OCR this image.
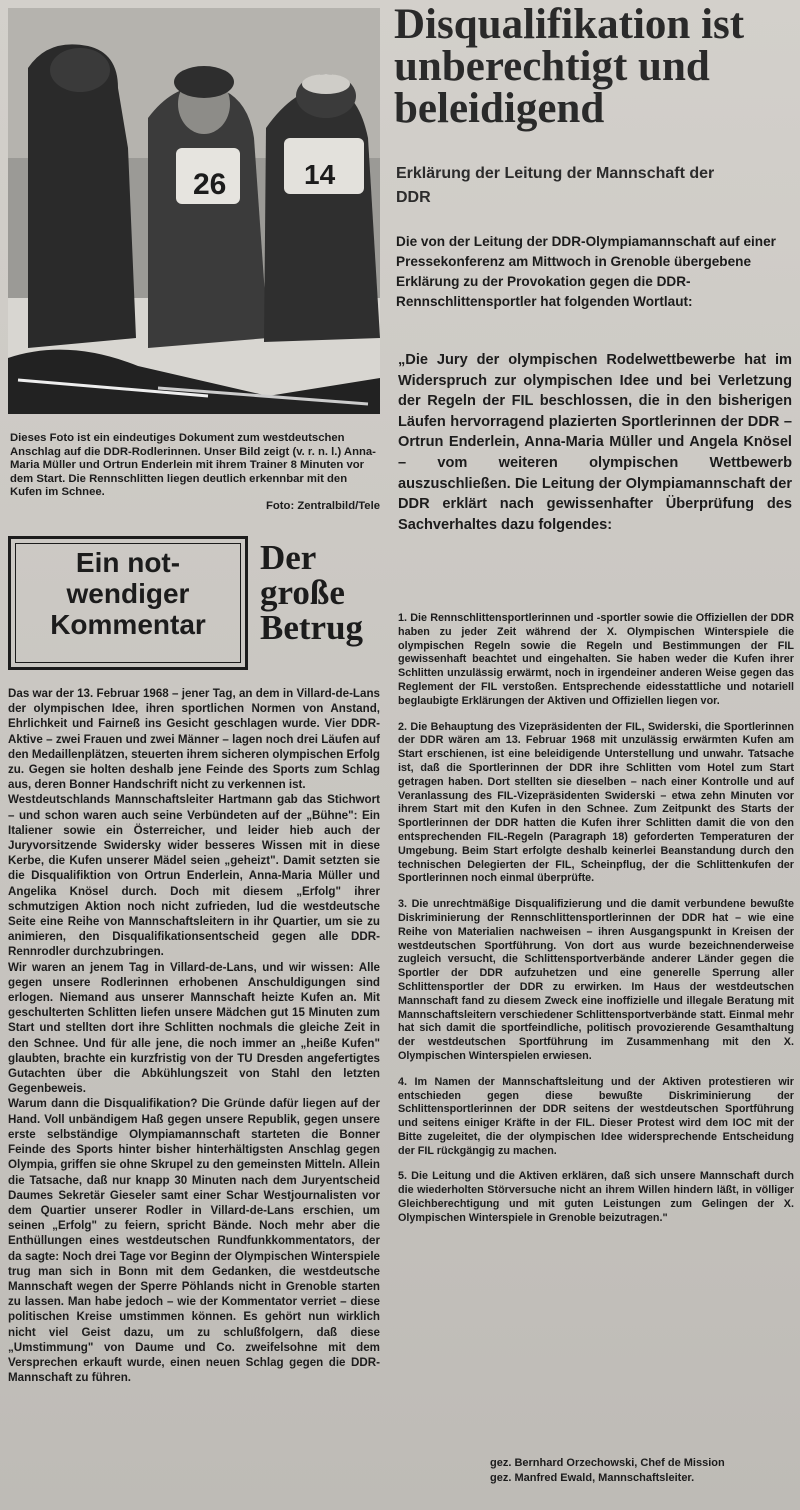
26	14

Dieses Foto ist ein eindeutiges Dokument zum westdeutschen Anschlag auf die DDR-Rodlerinnen. Unser Bild zeigt (v. r. n. l.) Anna-Maria Müller und Ortrun Enderlein mit ihrem Trainer 8 Minuten vor dem Start. Die Rennschlitten liegen deutlich erkennbar mit den Kufen im Schnee.
Foto: Zentralbild/Tele

Ein not-
wendiger
Kommentar
Der
große
Betrug

Das war der 13. Februar 1968 – jener Tag, an dem in Villard-de-Lans der olympischen Idee, ihren sportlichen Normen von Anstand, Ehrlichkeit und Fairneß ins Gesicht geschlagen wurde. Vier DDR-Aktive – zwei Frauen und zwei Männer – lagen noch drei Läufen auf den Medaillenplätzen, steuerten ihrem sicheren olympischen Erfolg zu. Gegen sie holten deshalb jene Feinde des Sports zum Schlag aus, deren Bonner Handschrift nicht zu verkennen ist.

Westdeutschlands Mannschaftsleiter Hartmann gab das Stichwort – und schon waren auch seine Verbündeten auf der „Bühne": Ein Italiener sowie ein Österreicher, und leider hieb auch der Juryvorsitzende Swidersky wider besseres Wissen mit in diese Kerbe, die Kufen unserer Mädel seien „geheizt". Damit setzten sie die Disqualifiktion von Ortrun Enderlein, Anna-Maria Müller und Angelika Knösel durch. Doch mit diesem „Erfolg" ihrer schmutzigen Aktion noch nicht zufrieden, lud die westdeutsche Seite eine Reihe von Mannschaftsleitern in ihr Quartier, um sie zu animieren, den Disqualifikationsentscheid gegen alle DDR-Rennrodler durchzubringen.

Wir waren an jenem Tag in Villard-de-Lans, und wir wissen: Alle gegen unsere Rodlerinnen erhobenen Anschuldigungen sind erlogen. Niemand aus unserer Mannschaft heizte Kufen an. Mit geschulterten Schlitten liefen unsere Mädchen gut 15 Minuten zum Start und stellten dort ihre Schlitten nochmals die gleiche Zeit in den Schnee. Und für alle jene, die noch immer an „heiße Kufen" glaubten, brachte ein kurzfristig von der TU Dresden angefertigtes Gutachten über die Abkühlungszeit von Stahl den letzten Gegenbeweis.

Warum dann die Disqualifikation? Die Gründe dafür liegen auf der Hand. Voll unbändigem Haß gegen unsere Republik, gegen unsere erste selbständige Olympiamannschaft starteten die Bonner Feinde des Sports hinter bisher hinterhältigsten Anschlag gegen Olympia, griffen sie ohne Skrupel zu den gemeinsten Mitteln. Allein die Tatsache, daß nur knapp 30 Minuten nach dem Juryentscheid Daumes Sekretär Gieseler samt einer Schar Westjournalisten vor dem Quartier unserer Rodler in Villard-de-Lans erschien, um seinen „Erfolg" zu feiern, spricht Bände. Noch mehr aber die Enthüllungen eines westdeutschen Rundfunkkommentators, der da sagte: Noch drei Tage vor Beginn der Olympischen Winterspiele trug man sich in Bonn mit dem Gedanken, die westdeutsche Mannschaft wegen der Sperre Pöhlands nicht in Grenoble starten zu lassen. Man habe jedoch – wie der Kommentator verriet – diese politischen Kreise umstimmen können. Es gehört nun wirklich nicht viel Geist dazu, um zu schlußfolgern, daß diese „Umstimmung" von Daume und Co. zweifelsohne mit dem Versprechen erkauft wurde, einen neuen Schlag gegen die DDR-Mannschaft zu führen.

Disqualifikation ist unberechtigt und beleidigend
Erklärung der Leitung der Mannschaft der DDR

Die von der Leitung der DDR-Olympiamannschaft auf einer Pressekonferenz am Mittwoch in Grenoble übergebene Erklärung zu der Provokation gegen die DDR-Rennschlittensportler hat folgenden Wortlaut:

„Die Jury der olympischen Rodelwettbewerbe hat im Widerspruch zur olympischen Idee und bei Verletzung der Regeln der FIL beschlossen, die in den bisherigen Läufen hervorragend plazierten Sportlerinnen der DDR – Ortrun Enderlein, Anna-Maria Müller und Angela Knösel – vom weiteren olympischen Wettbewerb auszuschließen. Die Leitung der Olympiamannschaft der DDR erklärt nach gewissenhafter Überprüfung des Sachverhaltes dazu folgendes:

1. Die Rennschlittensportlerinnen und -sportler sowie die Offiziellen der DDR haben zu jeder Zeit während der X. Olympischen Winterspiele die olympischen Regeln sowie die Regeln und Bestimmungen der FIL gewissenhaft beachtet und eingehalten. Sie haben weder die Kufen ihrer Schlitten unzulässig erwärmt, noch in irgendeiner anderen Weise gegen das Reglement der FIL verstoßen. Entsprechende eidesstattliche und notariell beglaubigte Erklärungen der Aktiven und Offiziellen liegen vor.

2. Die Behauptung des Vizepräsidenten der FIL, Swiderski, die Sportlerinnen der DDR wären am 13. Februar 1968 mit unzulässig erwärmten Kufen am Start erschienen, ist eine beleidigende Unterstellung und unwahr. Tatsache ist, daß die Sportlerinnen der DDR ihre Schlitten vom Hotel zum Start getragen haben. Dort stellten sie dieselben – nach einer Kontrolle und auf Veranlassung des FIL-Vizepräsidenten Swiderski – etwa zehn Minuten vor ihrem Start mit den Kufen in den Schnee. Zum Zeitpunkt des Starts der Sportlerinnen der DDR hatten die Kufen ihrer Schlitten damit die von den entsprechenden FIL-Regeln (Paragraph 18) geforderten Temperaturen der Umgebung. Beim Start erfolgte deshalb keinerlei Beanstandung durch den technischen Delegierten der FIL, Scheinpflug, der die Schlittenkufen der Sportlerinnen noch einmal überprüfte.

3. Die unrechtmäßige Disqualifizierung und die damit verbundene bewußte Diskriminierung der Rennschlittensportlerinnen der DDR hat – wie eine Reihe von Materialien nachweisen – ihren Ausgangspunkt in Kreisen der westdeutschen Sportführung. Von dort aus wurde bezeichnenderweise zugleich versucht, die Schlittensportverbände anderer Länder gegen die Sportler der DDR aufzuhetzen und eine generelle Sperrung aller Schlittensportler der DDR zu erwirken. Im Haus der westdeutschen Mannschaft fand zu diesem Zweck eine inoffizielle und illegale Beratung mit Mannschaftsleitern verschiedener Schlittensportverbände statt. Einmal mehr hat sich damit die sportfeindliche, politisch provozierende Gesamthaltung der westdeutschen Sportführung im Zusammenhang mit den X. Olympischen Winterspielen erwiesen.

4. Im Namen der Mannschaftsleitung und der Aktiven protestieren wir entschieden gegen diese bewußte Diskriminierung der Schlittensportlerinnen der DDR seitens der westdeutschen Sportführung und seitens einiger Kräfte in der FIL. Dieser Protest wird dem IOC mit der Bitte zugeleitet, die der olympischen Idee widersprechende Entscheidung der FIL rückgängig zu machen.

5. Die Leitung und die Aktiven erklären, daß sich unsere Mannschaft durch die wiederholten Störversuche nicht an ihrem Willen hindern läßt, in völliger Gleichberechtigung und mit guten Leistungen zum Gelingen der X. Olympischen Winterspiele in Grenoble beizutragen."

gez. Bernhard Orzechowski, Chef de Mission
gez. Manfred Ewald, Mannschaftsleiter.
